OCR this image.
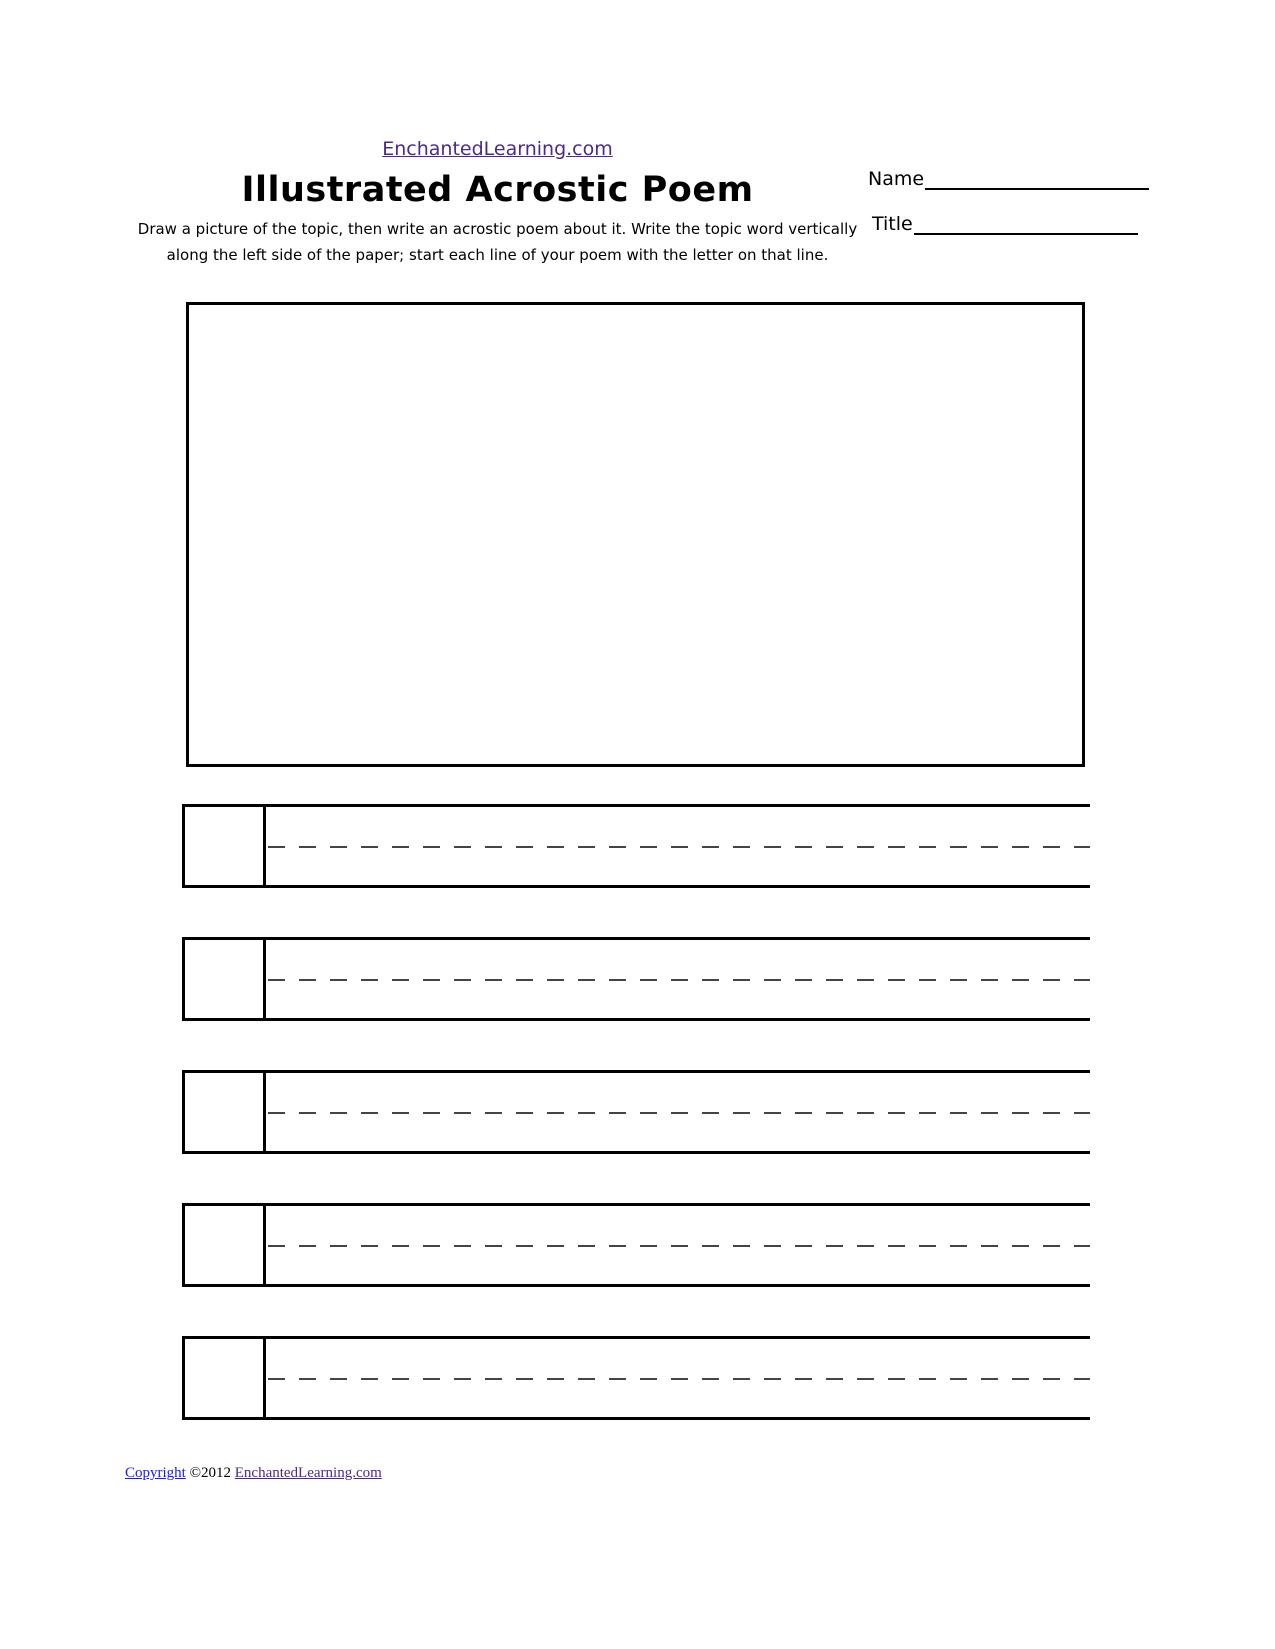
EnchantedLearning.com
Illustrated Acrostic Poem

Draw a picture of the topic, then write an acrostic poem about it. Write the topic word vertically
along the left side of the paper; start each line of your poem with the letter on that line.

Name
Title
Copyright ©2012 EnchantedLearning.com
